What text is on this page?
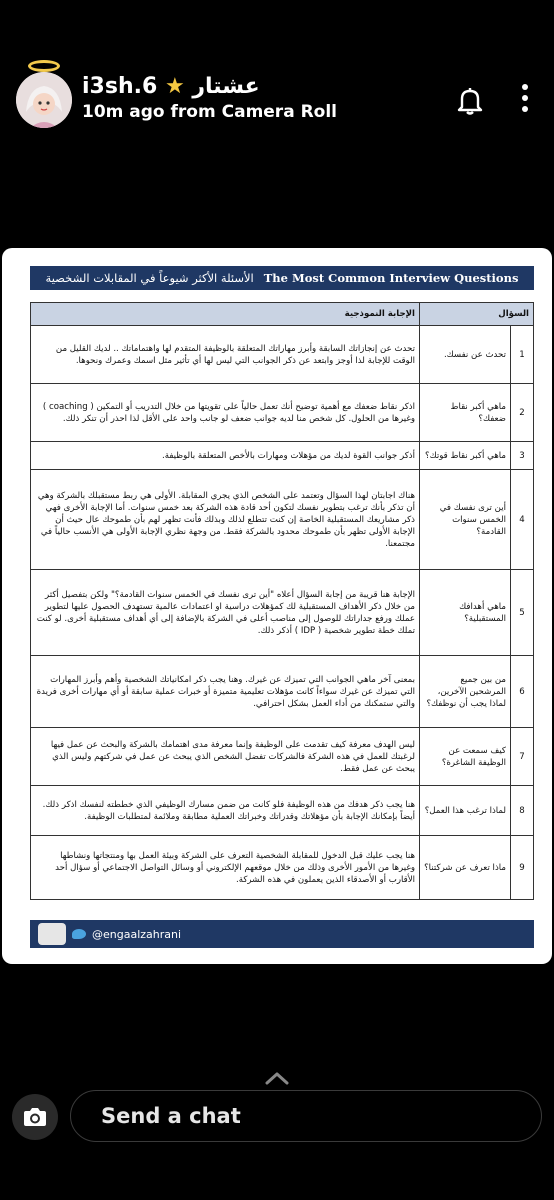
i3sh.6 ★ عشتار
10m ago from Camera Roll
الأسئلة الأكثر شيوعاً في المقابلات الشخصية The Most Common Interview Questions
الإجابة النموذجية	السؤال	
تحدث عن إنجازاتك السابقة وأبرز مهاراتك المتعلقة بالوظيفة المتقدم لها واهتماماتك .. لديك القليل من الوقت للإجابة لذا أوجز وابتعد عن ذكر الجوانب التي ليس لها أي تأثير مثل اسمك وعمرك ونحوها.	تحدث عن نفسك.	1
اذكر نقاط ضعفك مع أهمية توضيح أنك تعمل حالياً على تقويتها من خلال التدريب أو التمكين ( coaching ) وغيرها من الحلول. كل شخص منا لديه جوانب ضعف لو جانب واحد على الأقل لذا احذر أن تنكر ذلك.	ماهي أكبر نقاط ضعفك؟	2
أذكر جوانب القوة لديك من مؤهلات ومهارات بالأخص المتعلقة بالوظيفة.	ماهي أكبر نقاط قوتك؟	3
هناك اجابتان لهذا السؤال وتعتمد على الشخص الذي يجري المقابلة. الأولى هي ربط مستقبلك بالشركة وهي أن تذكر بأنك ترغب بتطوير نفسك لتكون أحد قادة هذه الشركة بعد خمس سنوات. أما الإجابة الأخرى فهي ذكر مشاريعك المستقبلية الخاصة إن كنت تتطلع لذلك وبذلك فأنت تظهر لهم بأن طموحك عال حيث أن الإجابة الأولى تظهر بأن طموحك محدود بالشركة فقط. من وجهة نظري الإجابة الأولى هي الأنسب حالياً في مجتمعنا.	أين ترى نفسك في الخمس سنوات القادمة؟	4
الإجابة هنا قريبة من إجابة السؤال أعلاه "أين ترى نفسك في الخمس سنوات القادمة؟" ولكن بتفصيل أكثر من خلال ذكر الأهداف المستقبلية لك كمؤهلات دراسية او اعتمادات عالمية تستهدف الحصول عليها لتطوير عملك ورفع جداراتك للوصول إلى مناصب أعلى في الشركة بالإضافة إلى أي أهداف مستقبلية أخرى. لو كنت تملك خطة تطوير شخصية ( IDP ) أذكر ذلك.	ماهي أهدافك المستقبلية؟	5
بمعنى آخر ماهي الجوانب التي تميزك عن غيرك. وهنا يجب ذكر امكانياتك الشخصية وأهم وأبرز المهارات التي تميزك عن غيرك سواءاً كانت مؤهلات تعليمية متميزة أو خبرات عملية سابقة أو أي مهارات أخرى فريدة والتي ستمكنك من أداء العمل بشكل احترافي.	من بين جميع المرشحين الآخرين، لماذا يجب أن نوظفك؟	6
ليس الهدف معرفة كيف تقدمت على الوظيفة وإنما معرفة مدى اهتمامك بالشركة والبحث عن عمل فيها لرغبتك للعمل في هذه الشركة فالشركات تفضل الشخص الذي يبحث عن عمل في شركتهم وليس الذي يبحث عن عمل فقط.	كيف سمعت عن الوظيفة الشاغرة؟	7
هنا يجب ذكر هدفك من هذه الوظيفة فلو كانت من ضمن مسارك الوظيفي الذي خططته لنفسك اذكر ذلك. أيضاً بإمكانك الإجابة بأن مؤهلاتك وقدراتك وخبراتك العملية مطابقة وملائمة لمتطلبات الوظيفة.	لماذا ترغب هذا العمل؟	8
هنا يجب عليك قبل الدخول للمقابلة الشخصية التعرف على الشركة وبيئة العمل بها ومنتجاتها ونشاطها وغيرها من الأمور الأخرى وذلك من خلال موقعهم الإلكتروني أو وسائل التواصل الاجتماعي أو سؤال أحد الأقارب أو الأصدقاء الذين يعملون في هذه الشركة.	ماذا تعرف عن شركتنا؟	9
@engaalzahrani
Send a chat
